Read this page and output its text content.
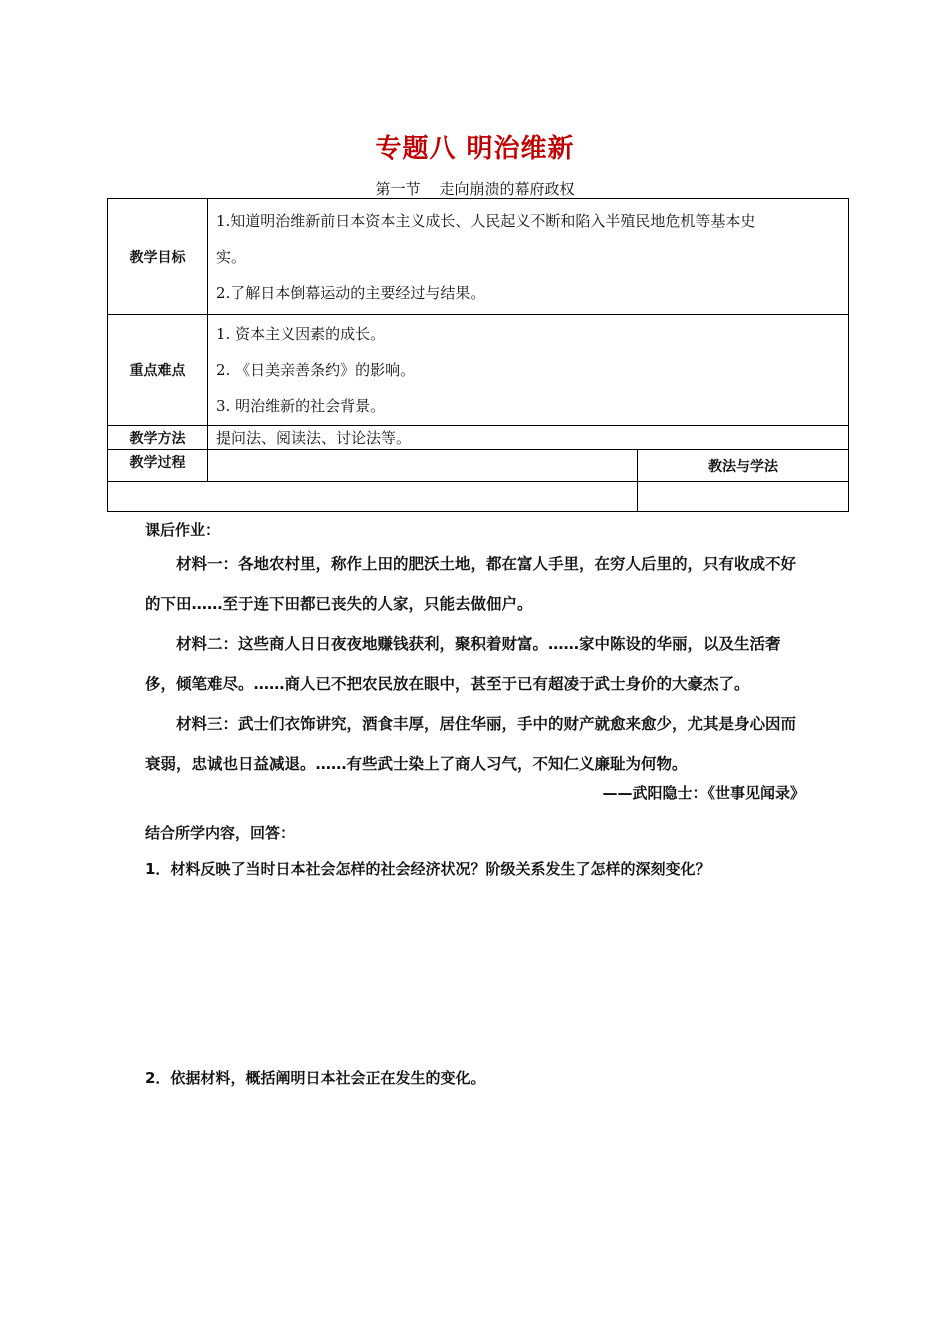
专题八 明治维新
第一节    走向崩溃的幕府政权
教学目标	1.知道明治维新前日本资本主义成长、人民起义不断和陷入半殖民地危机等基本史
实。
2.了解日本倒幕运动的主要经过与结果。	

重点难点	1. 资本主义因素的成长。
2. 《日美亲善条约》的影响。
3. 明治维新的社会背景。	

教学方法	提问法、阅读法、讨论法等。	
教学过程		教法与学法

课后作业：

材料一：各地农村里，称作上田的肥沃土地，都在富人手里，在穷人后里的，只有收成不好的下田……至于连下田都已丧失的人家，只能去做佃户。

材料二：这些商人日日夜夜地赚钱获利，聚积着财富。……家中陈设的华丽，以及生活奢侈，倾笔难尽。……商人已不把农民放在眼中，甚至于已有超凌于武士身价的大豪杰了。

材料三：武士们衣饰讲究，酒食丰厚，居住华丽，手中的财产就愈来愈少，尤其是身心因而衰弱，忠诚也日益减退。……有些武士染上了商人习气，不知仁义廉耻为何物。

——武阳隐士：《世事见闻录》
结合所学内容，回答：
1．材料反映了当时日本社会怎样的社会经济状况？阶级关系发生了怎样的深刻变化？
2．依据材料，概括阐明日本社会正在发生的变化。
